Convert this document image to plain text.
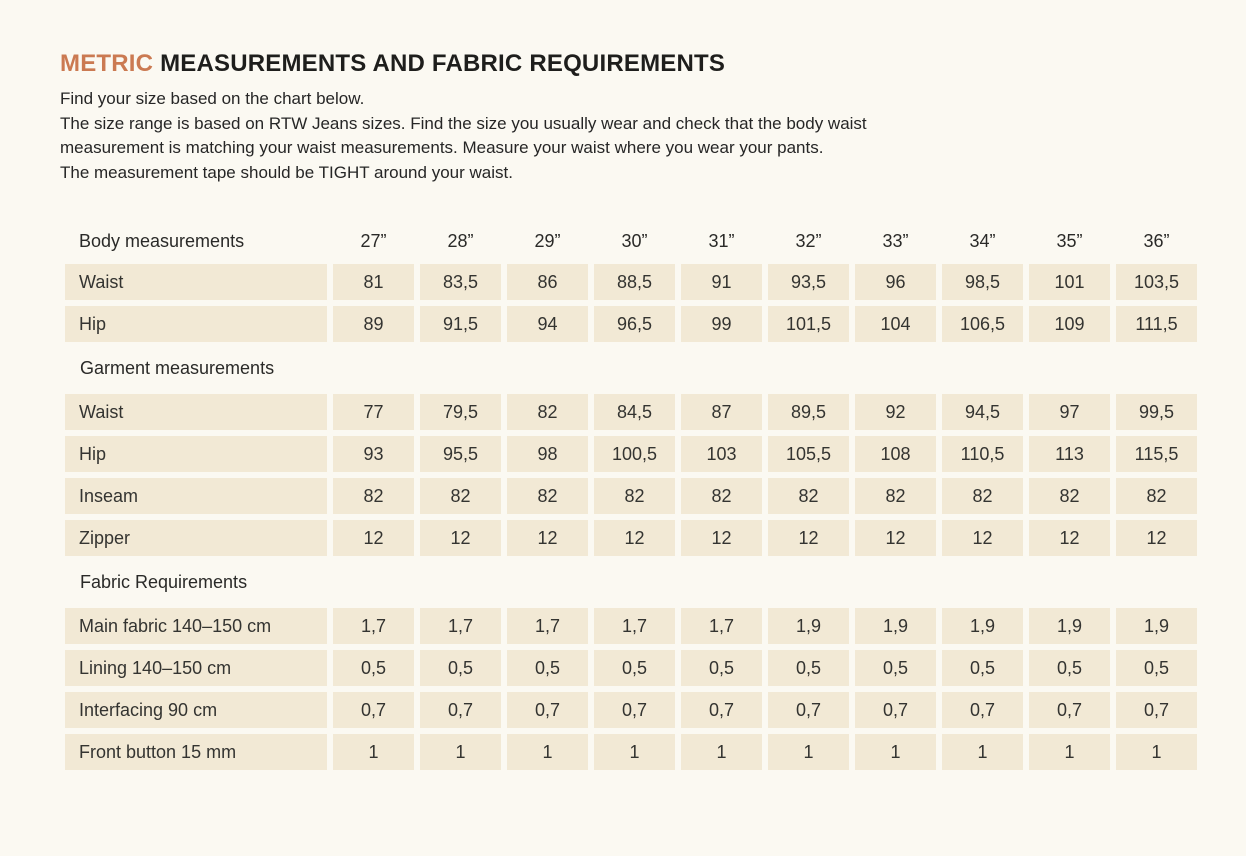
METRIC MEASUREMENTS AND FABRIC REQUIREMENTS
Find your size based on the chart below.
The size range is based on RTW Jeans sizes. Find the size you usually wear and check that the body waist
measurement is matching your waist measurements. Measure your waist where you wear your pants.
The measurement tape should be TIGHT around your waist.
Body measurements	27”	28”	29”	30”	31”	32”	33”	34”	35”	36”
Waist	81	83,5	86	88,5	91	93,5	96	98,5	101	103,5
Hip	89	91,5	94	96,5	99	101,5	104	106,5	109	111,5
Garment measurements
Waist	77	79,5	82	84,5	87	89,5	92	94,5	97	99,5
Hip	93	95,5	98	100,5	103	105,5	108	110,5	113	115,5
Inseam	82	82	82	82	82	82	82	82	82	82
Zipper	12	12	12	12	12	12	12	12	12	12
Fabric Requirements
Main fabric 140–150 cm	1,7	1,7	1,7	1,7	1,7	1,9	1,9	1,9	1,9	1,9
Lining 140–150 cm	0,5	0,5	0,5	0,5	0,5	0,5	0,5	0,5	0,5	0,5
Interfacing 90 cm	0,7	0,7	0,7	0,7	0,7	0,7	0,7	0,7	0,7	0,7
Front button 15 mm	1	1	1	1	1	1	1	1	1	1
